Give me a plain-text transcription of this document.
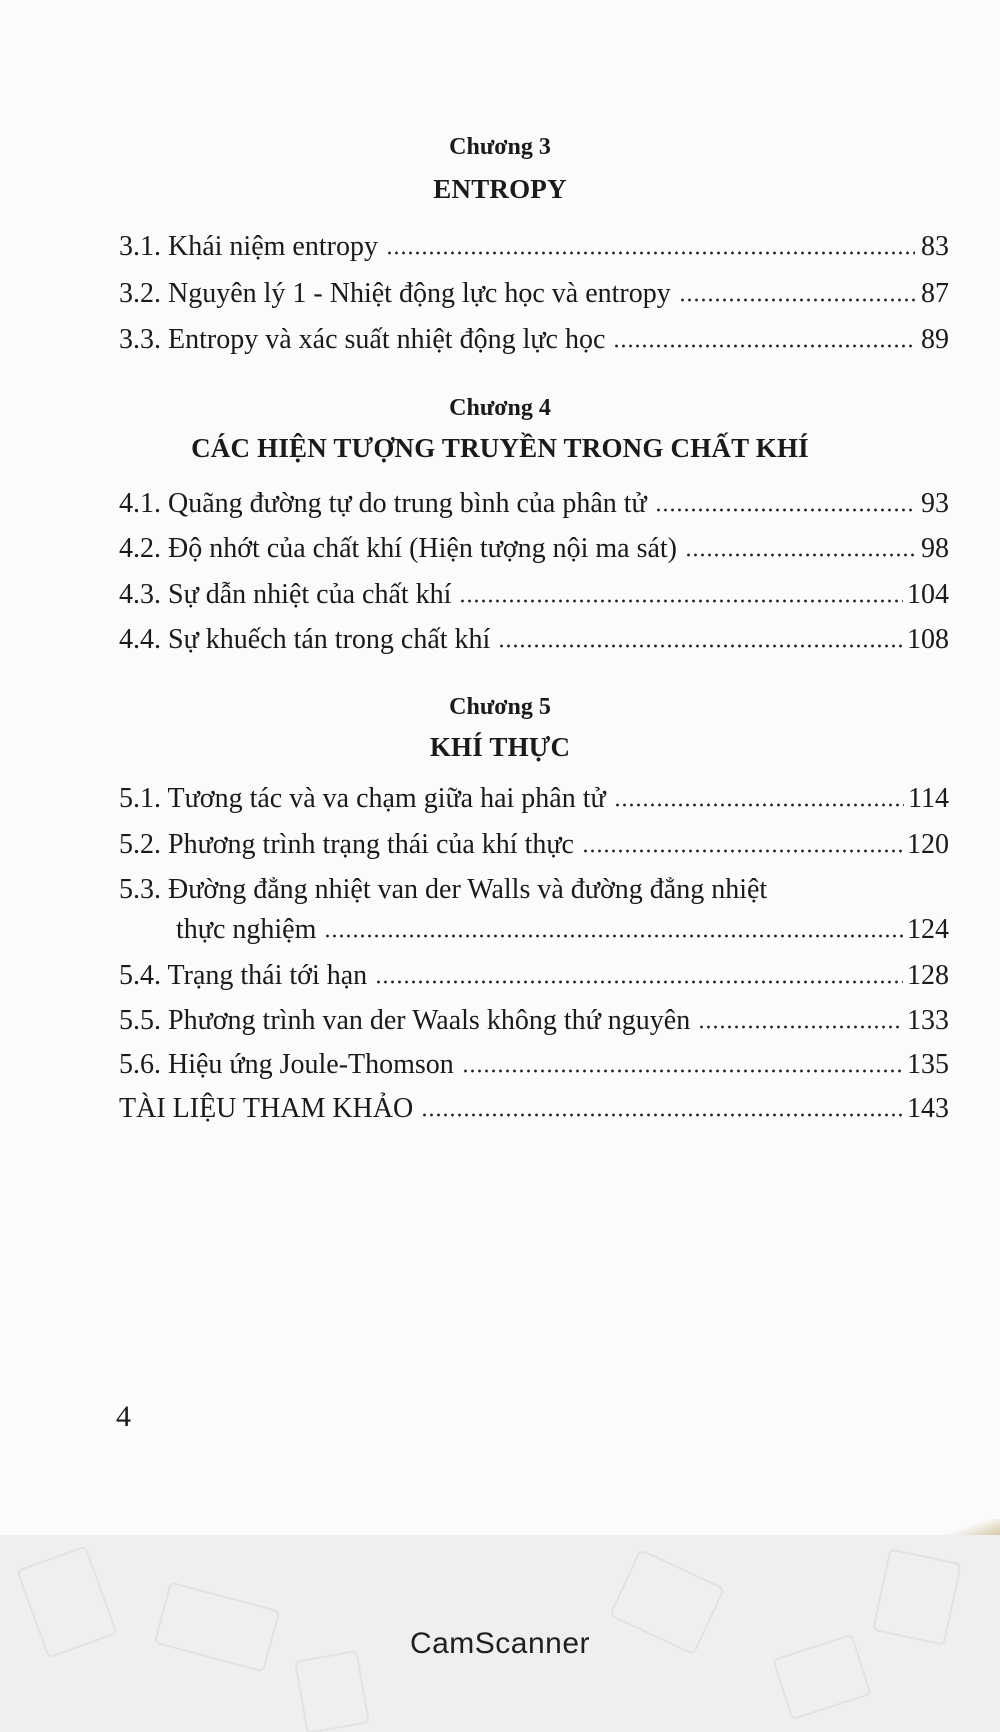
Chương 3
ENTROPY
3.1. Khái niệm entropy	83
3.2. Nguyên lý 1 - Nhiệt động lực học và entropy	87
3.3. Entropy và xác suất nhiệt động lực học	89
Chương 4
CÁC HIỆN TƯỢNG TRUYỀN TRONG CHẤT KHÍ
4.1. Quãng đường tự do trung bình của phân tử	93
4.2. Độ nhớt của chất khí (Hiện tượng nội ma sát)	98
4.3. Sự dẫn nhiệt của chất khí	104
4.4. Sự khuếch tán trong chất khí	108
Chương 5
KHÍ THỰC
5.1. Tương tác và va chạm giữa hai phân tử	114
5.2. Phương trình trạng thái của khí thực	120
5.3. Đường đẳng nhiệt van der Walls và đường đẳng nhiệt
thực nghiệm	124
5.4. Trạng thái tới hạn	128
5.5. Phương trình van der Waals không thứ nguyên	133
5.6. Hiệu ứng Joule-Thomson	135
TÀI LIỆU THAM KHẢO	143
4
CamScanner
